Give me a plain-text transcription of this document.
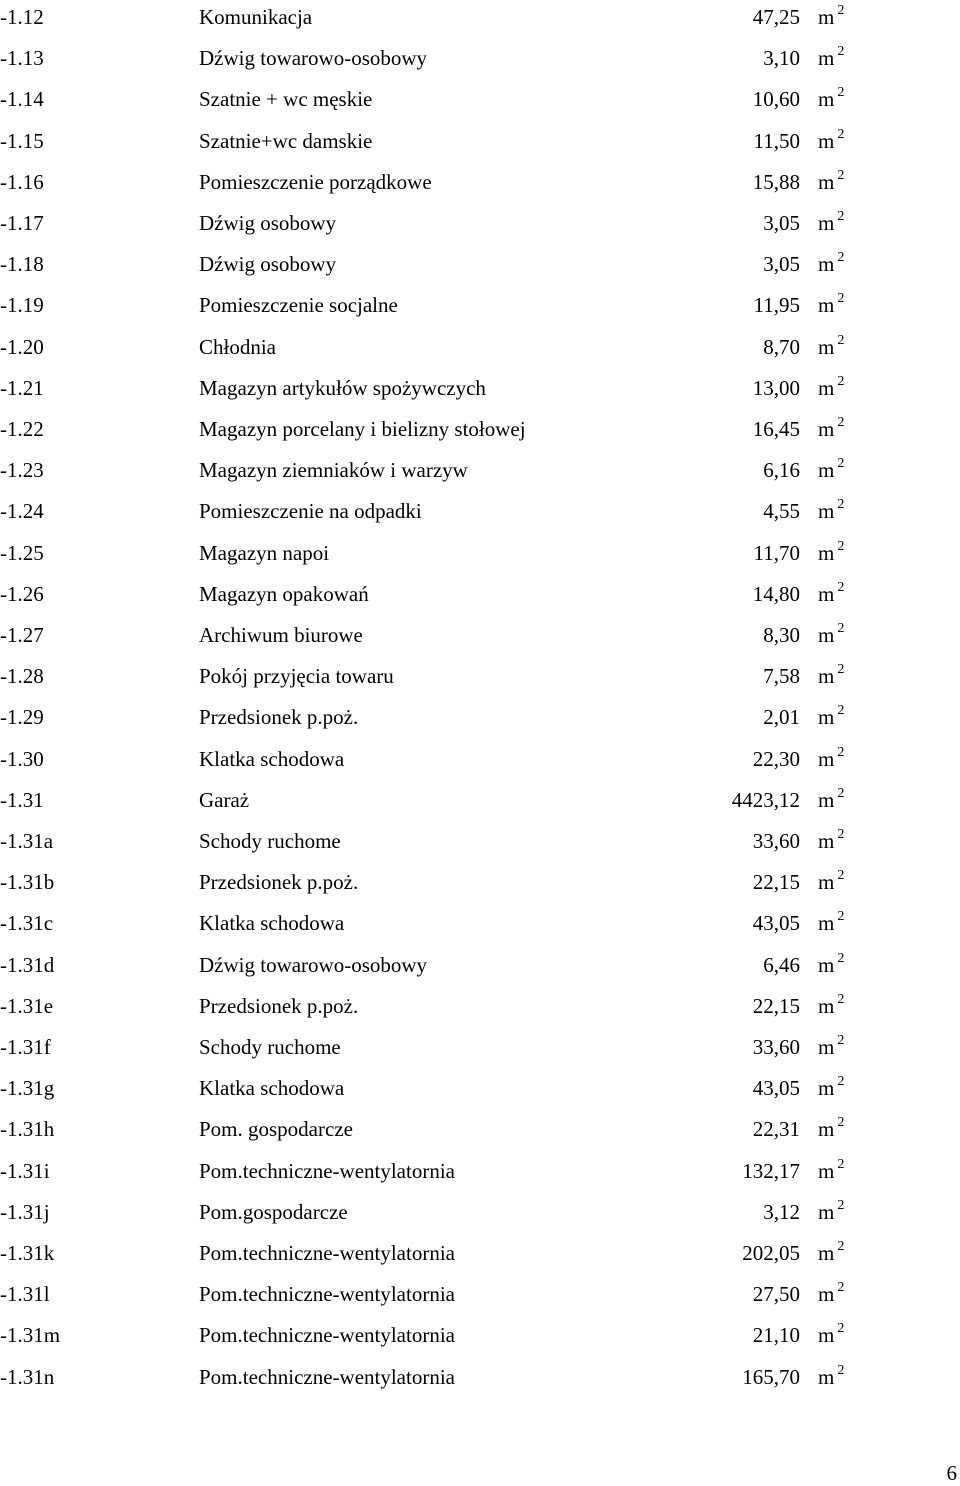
-1.12	Komunikacja	47,25 m $^2$
-1.13	Dźwig towarowo-osobowy	3,10 m $^2$
-1.14	Szatnie + wc męskie	10,60 m $^2$
-1.15	Szatnie+wc damskie	11,50 m $^2$
-1.16	Pomieszczenie porządkowe	15,88 m $^2$
-1.17	Dźwig osobowy	3,05 m $^2$
-1.18	Dźwig osobowy	3,05 m $^2$
-1.19	Pomieszczenie socjalne	11,95 m $^2$
-1.20	Chłodnia	8,70 m $^2$
-1.21	Magazyn artykułów spożywczych	13,00 m $^2$
-1.22	Magazyn porcelany i bielizny stołowej	16,45 m $^2$
-1.23	Magazyn ziemniaków i warzyw	6,16 m $^2$
-1.24	Pomieszczenie na odpadki	4,55 m $^2$
-1.25	Magazyn napoi	11,70 m $^2$
-1.26	Magazyn opakowań	14,80 m $^2$
-1.27	Archiwum biurowe	8,30 m $^2$
-1.28	Pokój przyjęcia towaru	7,58 m $^2$
-1.29	Przedsionek p.poż.	2,01 m $^2$
-1.30	Klatka schodowa	22,30 m $^2$
-1.31	Garaż	4423,12 m $^2$
-1.31a	Schody ruchome	33,60 m $^2$
-1.31b	Przedsionek p.poż.	22,15 m $^2$
-1.31c	Klatka schodowa	43,05 m $^2$
-1.31d	Dźwig towarowo-osobowy	6,46 m $^2$
-1.31e	Przedsionek p.poż.	22,15 m $^2$
-1.31f	Schody ruchome	33,60 m $^2$
-1.31g	Klatka schodowa	43,05 m $^2$
-1.31h	Pom. gospodarcze	22,31 m $^2$
-1.31i	Pom.techniczne-wentylatornia	132,17 m $^2$
-1.31j	Pom.gospodarcze	3,12 m $^2$
-1.31k	Pom.techniczne-wentylatornia	202,05 m $^2$
-1.31l	Pom.techniczne-wentylatornia	27,50 m $^2$
-1.31m	Pom.techniczne-wentylatornia	21,10 m $^2$
-1.31n	Pom.techniczne-wentylatornia	165,70 m $^2$
6
